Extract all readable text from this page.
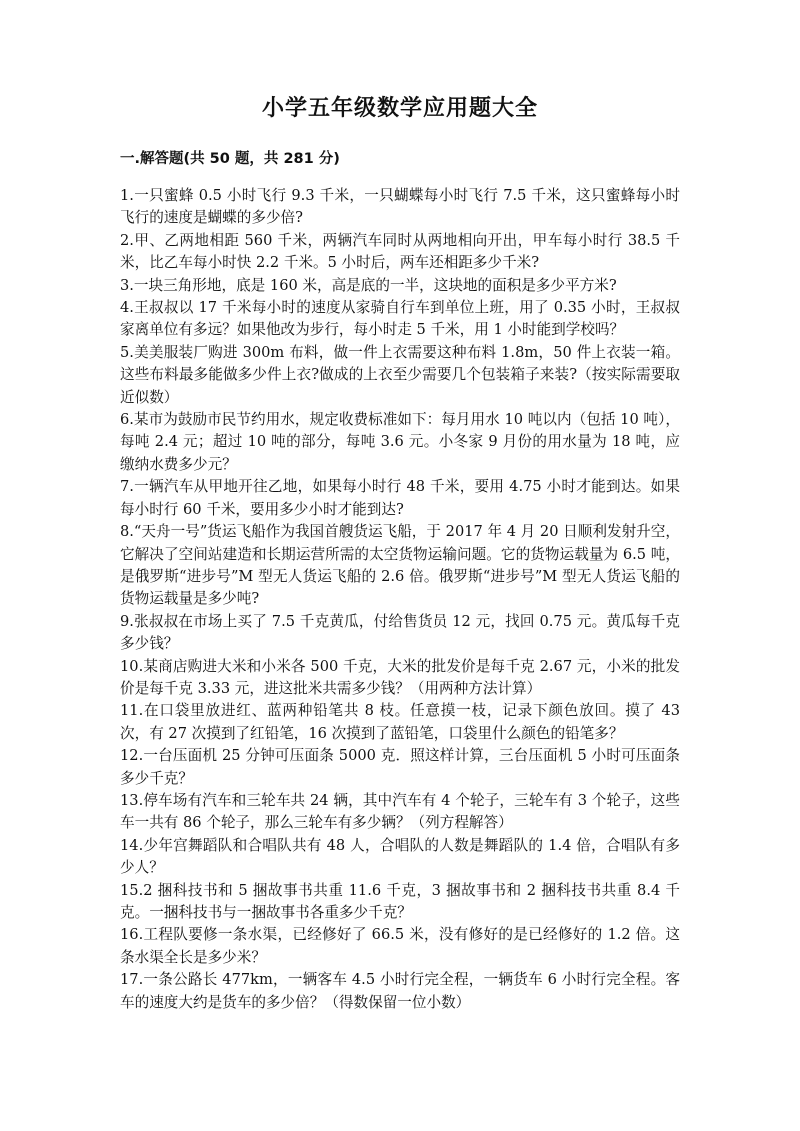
小学五年级数学应用题大全
一.解答题(共 50 题，共 281 分)

1.一只蜜蜂 0.5 小时飞行 9.3 千米，一只蝴蝶每小时飞行 7.5 千米，这只蜜蜂每小时飞行的速度是蝴蝶的多少倍?

2.甲、乙两地相距 560 千米，两辆汽车同时从两地相向开出，甲车每小时行 38.5 千米，比乙车每小时快 2.2 千米。5 小时后，两车还相距多少千米?

3.一块三角形地，底是 160 米，高是底的一半，这块地的面积是多少平方米?

4.王叔叔以 17 千米每小时的速度从家骑自行车到单位上班，用了 0.35 小时，王叔叔家离单位有多远？如果他改为步行，每小时走 5 千米，用 1 小时能到学校吗？

5.美美服装厂购进 300m 布料，做一件上衣需要这种布料 1.8m，50 件上衣装一箱。这些布料最多能做多少件上衣?做成的上衣至少需要几个包装箱子来装?（按实际需要取近似数）

6.某市为鼓励市民节约用水，规定收费标准如下：每月用水 10 吨以内（包括 10 吨），每吨 2.4 元；超过 10 吨的部分，每吨 3.6 元。小冬家 9 月份的用水量为 18 吨，应缴纳水费多少元？

7.一辆汽车从甲地开往乙地，如果每小时行 48 千米，要用 4.75 小时才能到达。如果每小时行 60 千米，要用多少小时才能到达?

8.“天舟一号”货运飞船作为我国首艘货运飞船，于 2017 年 4 月 20 日顺利发射升空，它解决了空间站建造和长期运营所需的太空货物运输问题。它的货物运载量为 6.5 吨，是俄罗斯“进步号”M 型无人货运飞船的 2.6 倍。俄罗斯“进步号”M 型无人货运飞船的货物运载量是多少吨?

9.张叔叔在市场上买了 7.5 千克黄瓜，付给售货员 12 元，找回 0.75 元。黄瓜每千克多少钱？

10.某商店购进大米和小米各 500 千克，大米的批发价是每千克 2.67 元，小米的批发价是每千克 3.33 元，进这批米共需多少钱？（用两种方法计算）

11.在口袋里放进红、蓝两种铅笔共 8 枝。任意摸一枝，记录下颜色放回。摸了 43 次，有 27 次摸到了红铅笔，16 次摸到了蓝铅笔，口袋里什么颜色的铅笔多？

12.一台压面机 25 分钟可压面条 5000 克．照这样计算，三台压面机 5 小时可压面条多少千克？

13.停车场有汽车和三轮车共 24 辆，其中汽车有 4 个轮子，三轮车有 3 个轮子，这些车一共有 86 个轮子，那么三轮车有多少辆？（列方程解答）

14.少年宫舞蹈队和合唱队共有 48 人，合唱队的人数是舞蹈队的 1.4 倍，合唱队有多少人？

15.2 捆科技书和 5 捆故事书共重 11.6 千克，3 捆故事书和 2 捆科技书共重 8.4 千克。一捆科技书与一捆故事书各重多少千克？

16.工程队要修一条水渠，已经修好了 66.5 米，没有修好的是已经修好的 1.2 倍。这条水渠全长是多少米？

17.一条公路长 477km，一辆客车 4.5 小时行完全程，一辆货车 6 小时行完全程。客车的速度大约是货车的多少倍？（得数保留一位小数）
